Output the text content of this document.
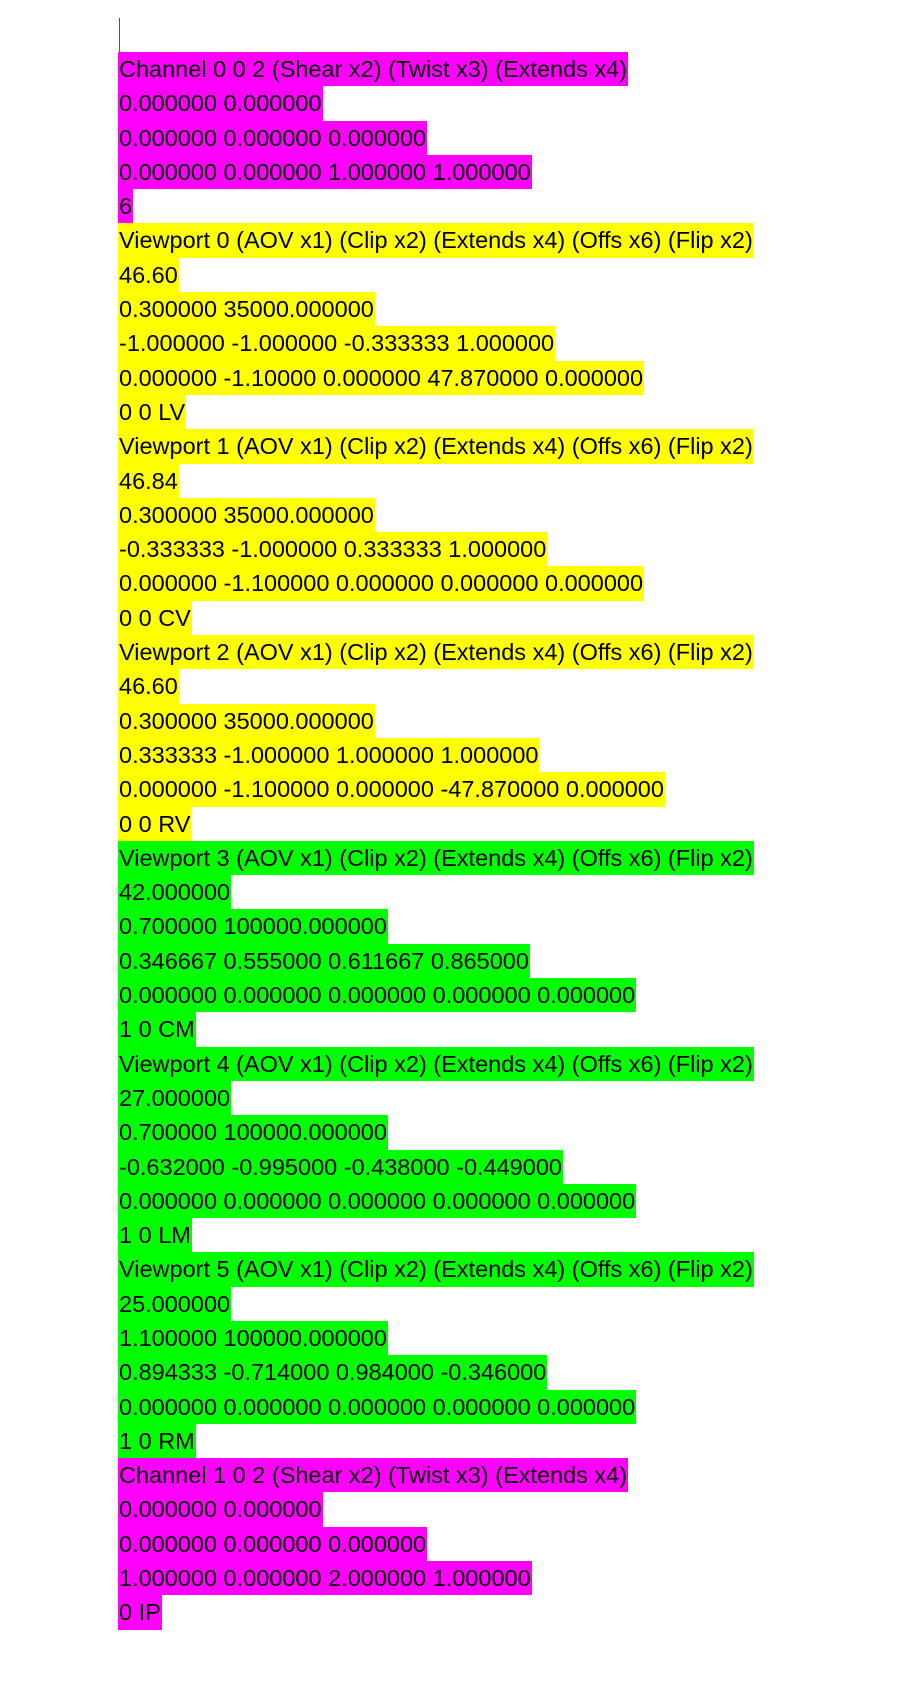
Channel 0 0 2 (Shear x2) (Twist x3) (Extends x4)
0.000000 0.000000
0.000000 0.000000 0.000000
0.000000 0.000000 1.000000 1.000000
6
Viewport 0 (AOV x1) (Clip x2) (Extends x4) (Offs x6) (Flip x2)
46.60
0.300000 35000.000000
-1.000000 -1.000000 -0.333333 1.000000
0.000000 -1.10000 0.000000 47.870000 0.000000
0 0 LV
Viewport 1 (AOV x1) (Clip x2) (Extends x4) (Offs x6) (Flip x2)
46.84
0.300000 35000.000000
-0.333333 -1.000000 0.333333 1.000000
0.000000 -1.100000 0.000000 0.000000 0.000000
0 0 CV
Viewport 2 (AOV x1) (Clip x2) (Extends x4) (Offs x6) (Flip x2)
46.60
0.300000 35000.000000
0.333333 -1.000000 1.000000 1.000000
0.000000 -1.100000 0.000000 -47.870000 0.000000
0 0 RV
Viewport 3 (AOV x1) (Clip x2) (Extends x4) (Offs x6) (Flip x2)
42.000000
0.700000 100000.000000
0.346667 0.555000 0.611667 0.865000
0.000000 0.000000 0.000000 0.000000 0.000000
1 0 CM
Viewport 4 (AOV x1) (Clip x2) (Extends x4) (Offs x6) (Flip x2)
27.000000
0.700000 100000.000000
-0.632000 -0.995000 -0.438000 -0.449000
0.000000 0.000000 0.000000 0.000000 0.000000
1 0 LM
Viewport 5 (AOV x1) (Clip x2) (Extends x4) (Offs x6) (Flip x2)
25.000000
1.100000 100000.000000
0.894333 -0.714000 0.984000 -0.346000
0.000000 0.000000 0.000000 0.000000 0.000000
1 0 RM
Channel 1 0 2 (Shear x2) (Twist x3) (Extends x4)
0.000000 0.000000
0.000000 0.000000 0.000000
1.000000 0.000000 2.000000 1.000000
0 IP
